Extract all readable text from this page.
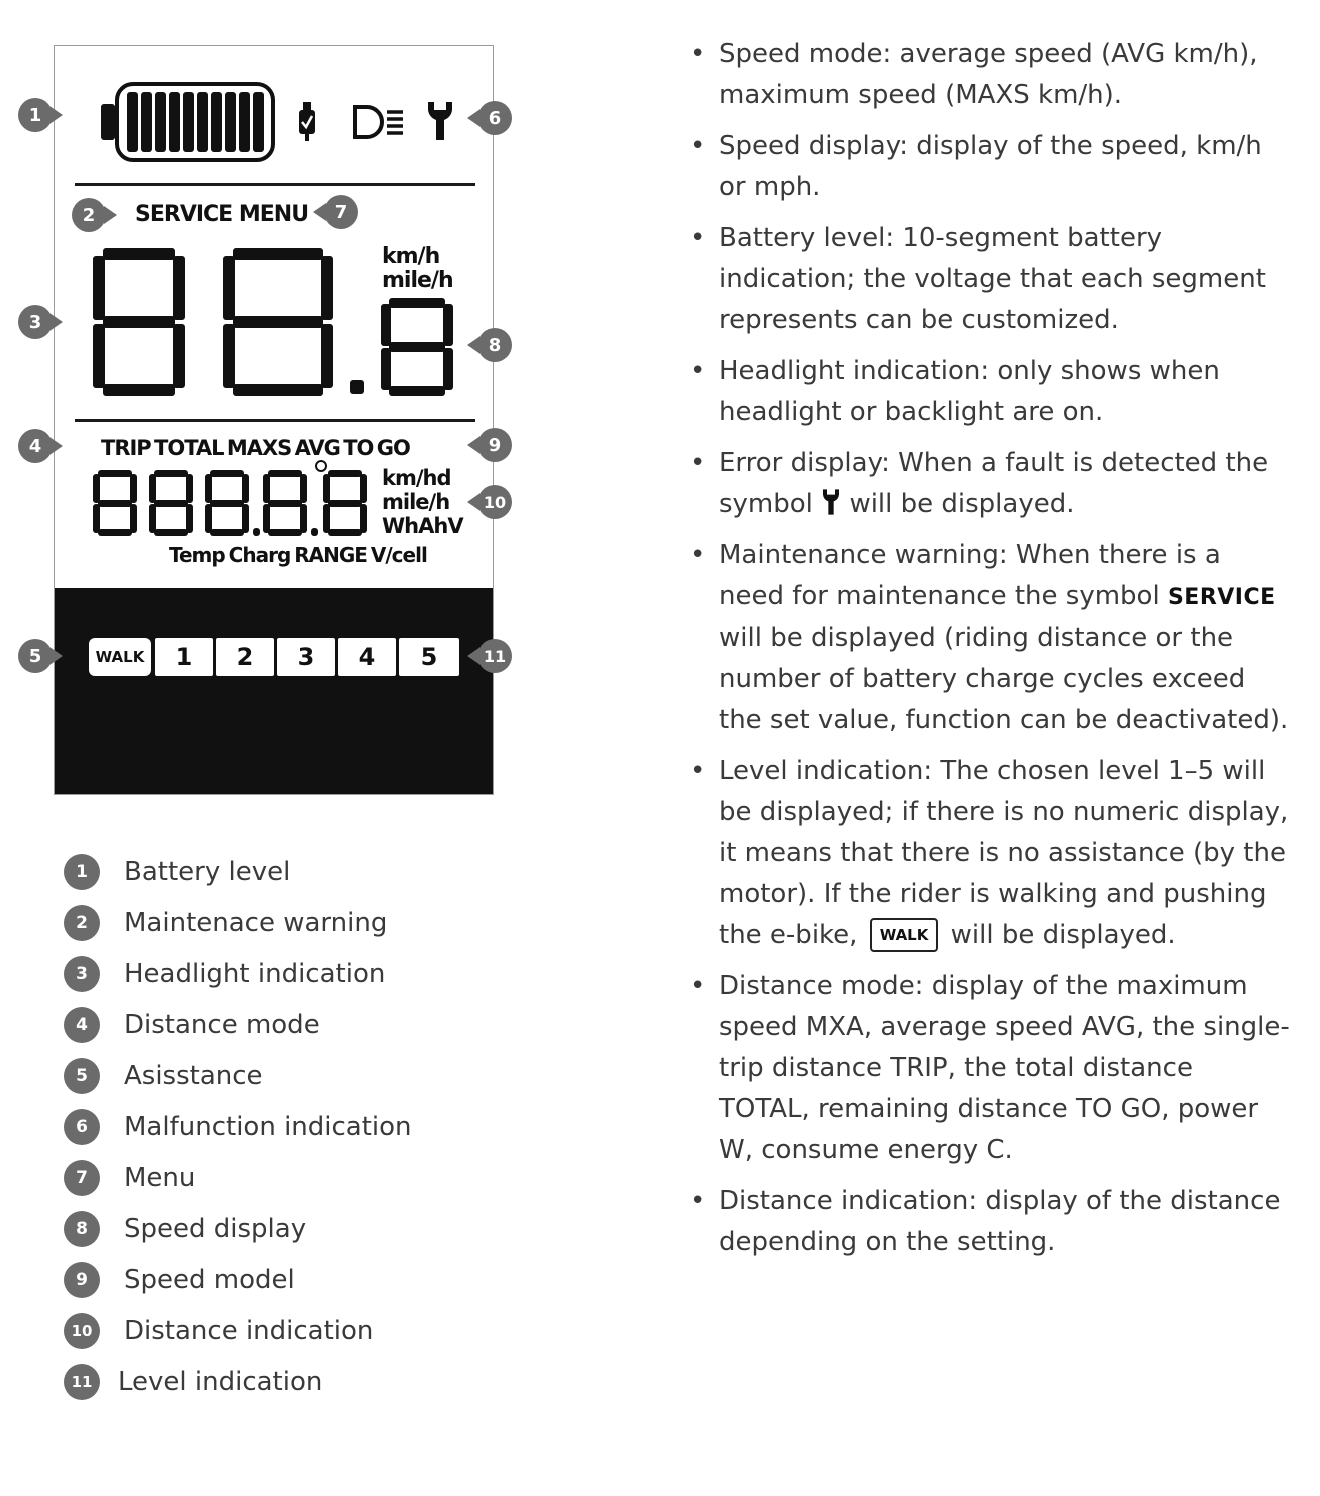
SERVICE MENU
km/h
mile/h
TRIP TOTAL MAXS AVG TO GO
km/hd
mile/h
WhAhV
Temp Charg RANGE V/cell
WALK	1	2	3	4	5
1
2
3
4
5
6
7
8
9
10
11
1	Battery level
2	Maintenace warning
3	Headlight indication
4	Distance mode
5	Asisstance
6	Malfunction indication
7	Menu
8	Speed display
9	Speed model
10 Distance indication
11 Level indication
• Speed mode: average speed (AVG km/h), maximum speed (MAXS km/h).
• Speed display: display of the speed, km/h or mph.
• Battery level: 10-segment battery indication; the voltage that each segment represents can be customized.
• Headlight indication: only shows when headlight or backlight are on.
• Error display: When a fault is detected the symbol will be displayed.
• Maintenance warning: When there is a need for maintenance the symbol SERVICE will be displayed (riding distance or the number of battery charge cycles exceed the set value, function can be deactivated).
• Level indication: The chosen level 1–5 will be displayed; if there is no numeric display, it means that there is no assistance (by the motor). If the rider is walking and pushing the e-bike, WALK will be displayed.
• Distance mode: display of the maximum speed MXA, average speed AVG, the single-trip distance TRIP, the total distance TOTAL, remaining distance TO GO, power W, consume energy C.
• Distance indication: display of the distance depending on the setting.
